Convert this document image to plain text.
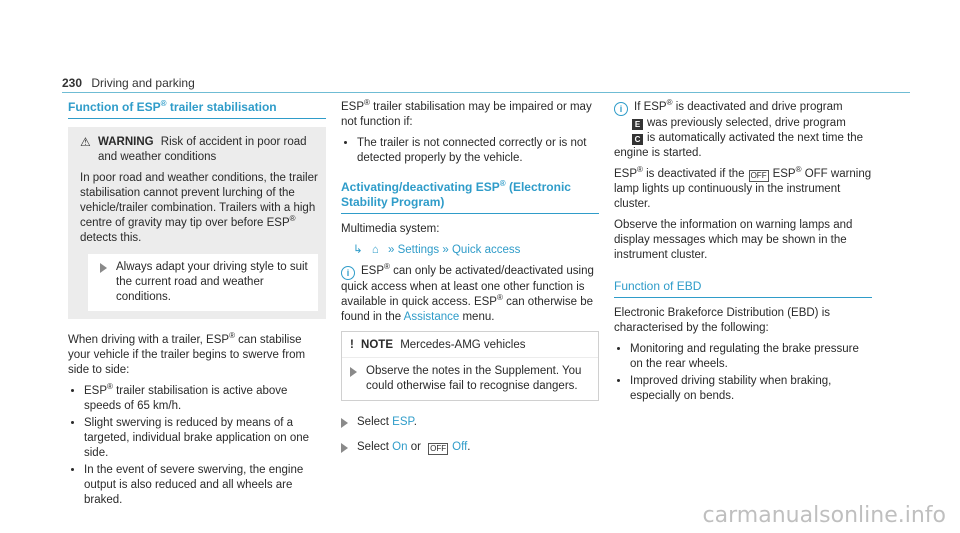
230 Driving and parking
Function of ESP® trailer stabilisation
⚠ WARNING Risk of accident in poor road and weather conditions

In poor road and weather conditions, the trailer stabilisation cannot prevent lurching of the vehicle/trailer combination. Trailers with a high centre of gravity may tip over before ESP® detects this.

Always adapt your driving style to suit the current road and weather conditions.

When driving with a trailer, ESP® can stabilise your vehicle if the trailer begins to swerve from side to side:

• ESP® trailer stabilisation is active above speeds of 65 km/h.
• Slight swerving is reduced by means of a targeted, individual brake application on one side.
• In the event of severe swerving, the engine output is also reduced and all wheels are braked.

ESP® trailer stabilisation may be impaired or may not function if:

• The trailer is not connected correctly or is not detected properly by the vehicle.
Activating/deactivating ESP® (Electronic Stability Program)

Multimedia system:

↳ ⌂ » Settings » Quick access

i ESP® can only be activated/deactivated using quick access when at least one other function is available in quick access. ESP® can otherwise be found in the Assistance menu.

! NOTE Mercedes-AMG vehicles
Observe the notes in the Supplement. You could otherwise fail to recognise dangers.
Select ESP.
Select On or OFF Off.

i If ESP® is deactivated and drive program
E was previously selected, drive program
C is automatically activated the next time the engine is started.

ESP® is deactivated if the OFF ESP® OFF warning lamp lights up continuously in the instrument cluster.

Observe the information on warning lamps and display messages which may be shown in the instrument cluster.

Function of EBD

Electronic Brakeforce Distribution (EBD) is characterised by the following:

• Monitoring and regulating the brake pressure on the rear wheels.
• Improved driving stability when braking, especially on bends.
carmanualsonline.info
